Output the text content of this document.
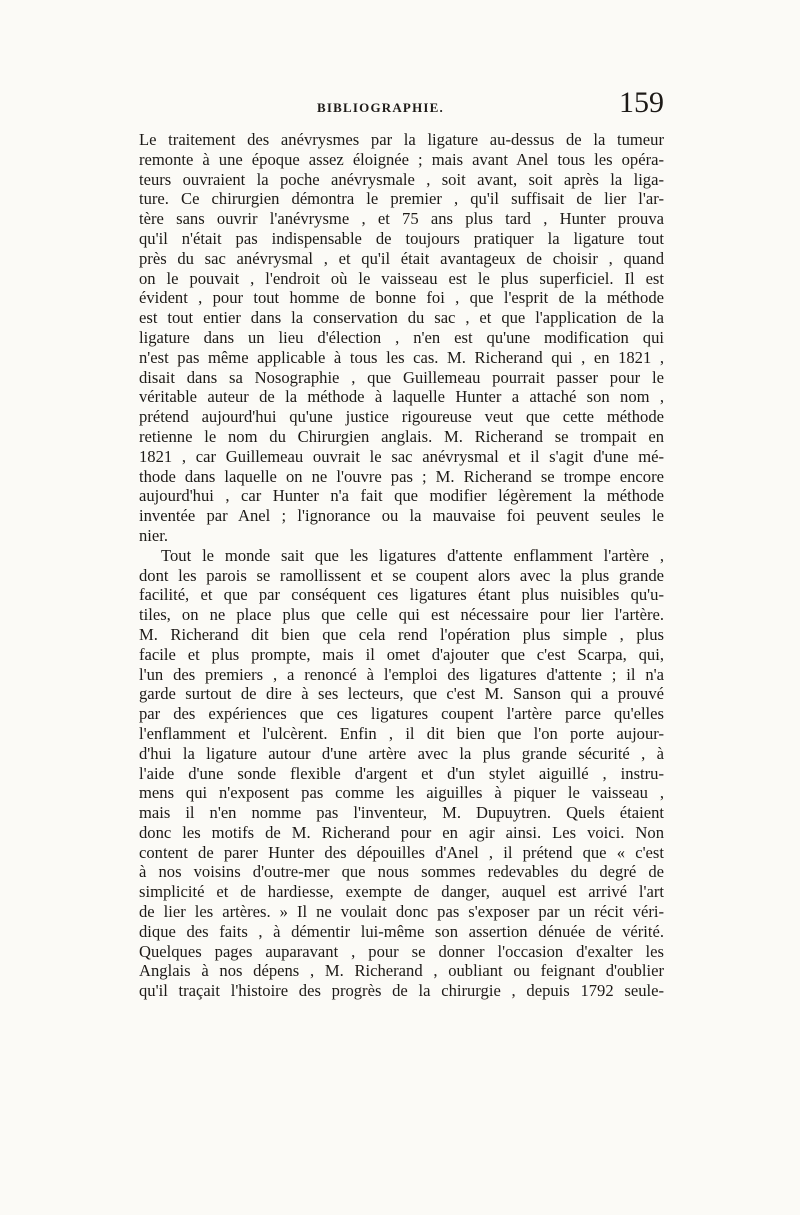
BIBLIOGRAPHIE.	159
Le traitement des anévrysmes par la ligature au-dessus de la tumeur
remonte à une époque assez éloignée ; mais avant Anel tous les opéra-
teurs ouvraient la poche anévrysmale , soit avant, soit après la liga-
ture. Ce chirurgien démontra le premier , qu'il suffisait de lier l'ar-
tère sans ouvrir l'anévrysme , et 75 ans plus tard , Hunter prouva
qu'il n'était pas indispensable de toujours pratiquer la ligature tout
près du sac anévrysmal , et qu'il était avantageux de choisir , quand
on le pouvait , l'endroit où le vaisseau est le plus superficiel. Il est
évident , pour tout homme de bonne foi , que l'esprit de la méthode
est tout entier dans la conservation du sac , et que l'application de la
ligature dans un lieu d'élection , n'en est qu'une modification qui
n'est pas même applicable à tous les cas. M. Richerand qui , en 1821 ,
disait dans sa Nosographie , que Guillemeau pourrait passer pour le
véritable auteur de la méthode à laquelle Hunter a attaché son nom ,
prétend aujourd'hui qu'une justice rigoureuse veut que cette méthode
retienne le nom du Chirurgien anglais. M. Richerand se trompait en
1821 , car Guillemeau ouvrait le sac anévrysmal et il s'agit d'une mé-
thode dans laquelle on ne l'ouvre pas ; M. Richerand se trompe encore
aujourd'hui , car Hunter n'a fait que modifier légèrement la méthode
inventée par Anel ; l'ignorance ou la mauvaise foi peuvent seules le
nier.
Tout le monde sait que les ligatures d'attente enflamment l'artère ,
dont les parois se ramollissent et se coupent alors avec la plus grande
facilité, et que par conséquent ces ligatures étant plus nuisibles qu'u-
tiles, on ne place plus que celle qui est nécessaire pour lier l'artère.
M. Richerand dit bien que cela rend l'opération plus simple , plus
facile et plus prompte, mais il omet d'ajouter que c'est Scarpa, qui,
l'un des premiers , a renoncé à l'emploi des ligatures d'attente ; il n'a
garde surtout de dire à ses lecteurs, que c'est M. Sanson qui a prouvé
par des expériences que ces ligatures coupent l'artère parce qu'elles
l'enflamment et l'ulcèrent. Enfin , il dit bien que l'on porte aujour-
d'hui la ligature autour d'une artère avec la plus grande sécurité , à
l'aide d'une sonde flexible d'argent et d'un stylet aiguillé , instru-
mens qui n'exposent pas comme les aiguilles à piquer le vaisseau ,
mais il n'en nomme pas l'inventeur, M. Dupuytren. Quels étaient
donc les motifs de M. Richerand pour en agir ainsi. Les voici. Non
content de parer Hunter des dépouilles d'Anel , il prétend que « c'est
à nos voisins d'outre-mer que nous sommes redevables du degré de
simplicité et de hardiesse, exempte de danger, auquel est arrivé l'art
de lier les artères. » Il ne voulait donc pas s'exposer par un récit véri-
dique des faits , à démentir lui-même son assertion dénuée de vérité.
Quelques pages auparavant , pour se donner l'occasion d'exalter les
Anglais à nos dépens , M. Richerand , oubliant ou feignant d'oublier
qu'il traçait l'histoire des progrès de la chirurgie , depuis 1792 seule-
